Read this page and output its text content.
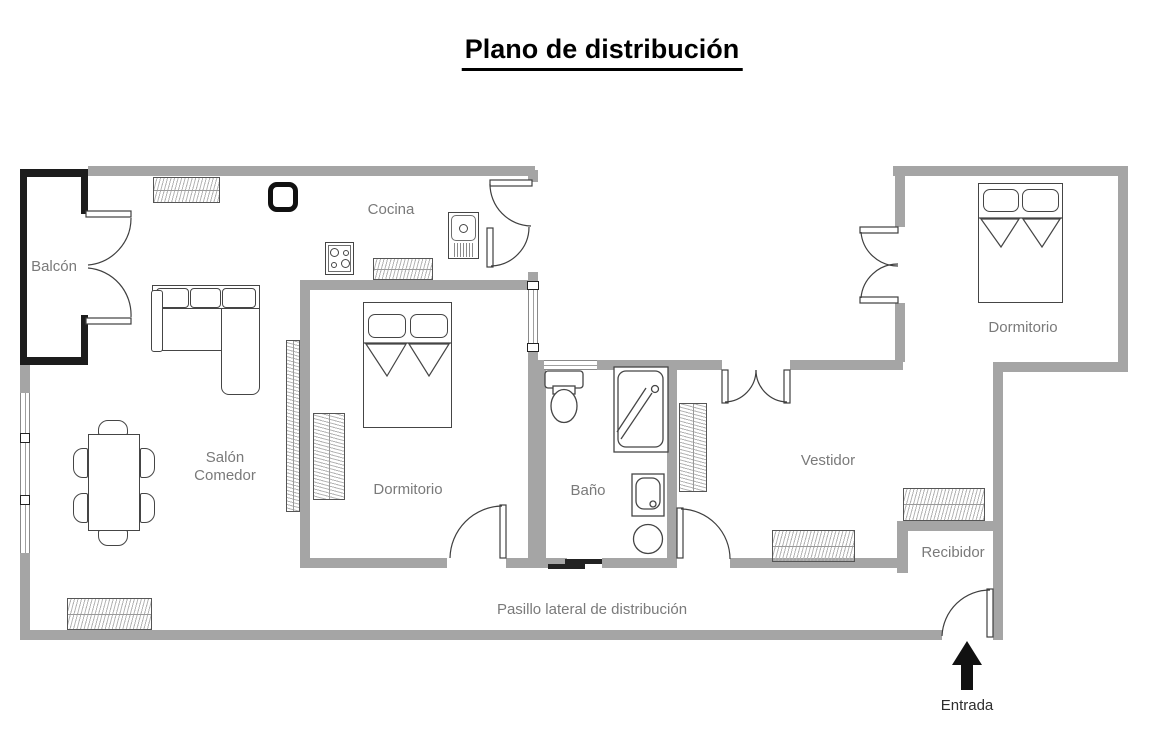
Plano de distribución
Balcón
Cocina
Salón
Comedor
Dormitorio	Baño
Vestidor
Dormitorio
Recibidor
Pasillo lateral de distribución
Entrada
